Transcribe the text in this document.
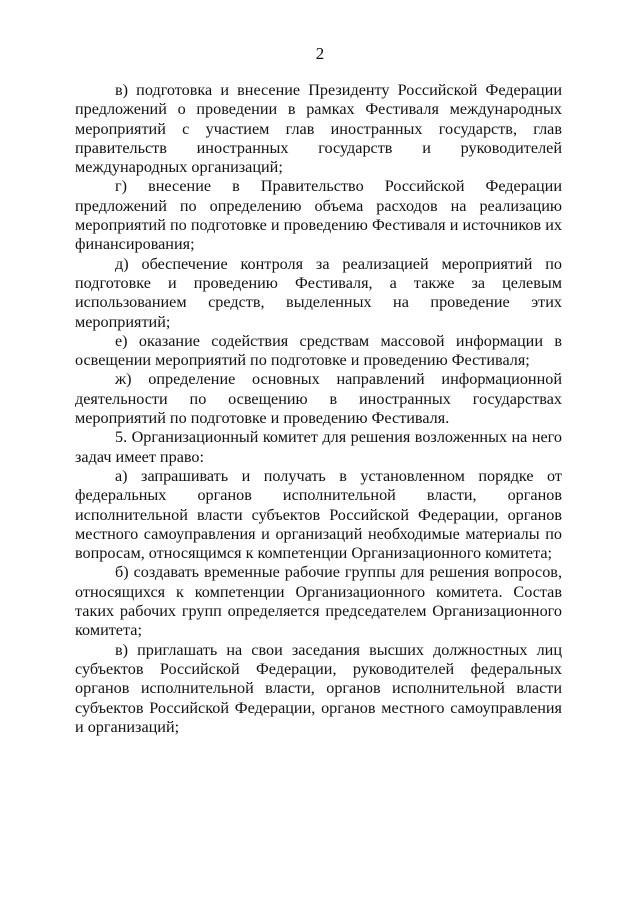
2

в) подготовка и внесение Президенту Российской Федерации предложений о проведении в рамках Фестиваля международных мероприятий с участием глав иностранных государств, глав правительств иностранных государств и руководителей международных организаций;

г) внесение в Правительство Российской Федерации предложений по определению объема расходов на реализацию мероприятий по подготовке и проведению Фестиваля и источников их финансирования;

д) обеспечение контроля за реализацией мероприятий по подготовке и проведению Фестиваля, а также за целевым использованием средств, выделенных на проведение этих мероприятий;

е) оказание содействия средствам массовой информации в освещении мероприятий по подготовке и проведению Фестиваля;

ж) определение основных направлений информационной деятельности по освещению в иностранных государствах мероприятий по подготовке и проведению Фестиваля.

5. Организационный комитет для решения возложенных на него задач имеет право:

а) запрашивать и получать в установленном порядке от федеральных органов исполнительной власти, органов исполнительной власти субъектов Российской Федерации, органов местного самоуправления и организаций необходимые материалы по вопросам, относящимся к компетенции Организационного комитета;

б) создавать временные рабочие группы для решения вопросов, относящихся к компетенции Организационного комитета. Состав таких рабочих групп определяется председателем Организационного комитета;

в) приглашать на свои заседания высших должностных лиц субъектов Российской Федерации, руководителей федеральных органов исполнительной власти, органов исполнительной власти субъектов Российской Федерации, органов местного самоуправления и организаций;
